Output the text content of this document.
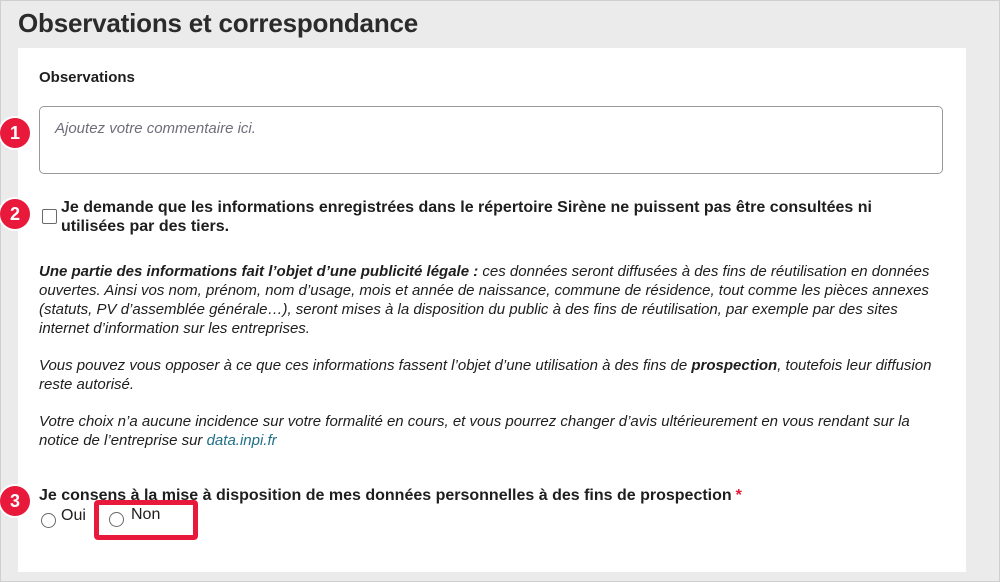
Observations et correspondance
Observations
Ajoutez votre commentaire ici.
1
2
3
Je demande que les informations enregistrées dans le répertoire Sirène ne puissent pas être consultées ni utilisées par des tiers.
Une partie des informations fait l’objet d’une publicité légale : ces données seront diffusées à des fins de réutilisation en données ouvertes. Ainsi vos nom, prénom, nom d’usage, mois et année de naissance, commune de résidence, tout comme les pièces annexes (statuts, PV d’assemblée générale…), seront mises à la disposition du public à des fins de réutilisation, par exemple par des sites internet d’information sur les entreprises.
Vous pouvez vous opposer à ce que ces informations fassent l’objet d’une utilisation à des fins de prospection, toutefois leur diffusion reste autorisé.
Votre choix n’a aucune incidence sur votre formalité en cours, et vous pourrez changer d’avis ultérieurement en vous rendant sur la notice de l’entreprise sur data.inpi.fr
Je consens à la mise à disposition de mes données personnelles à des fins de prospection *
Oui	Non
